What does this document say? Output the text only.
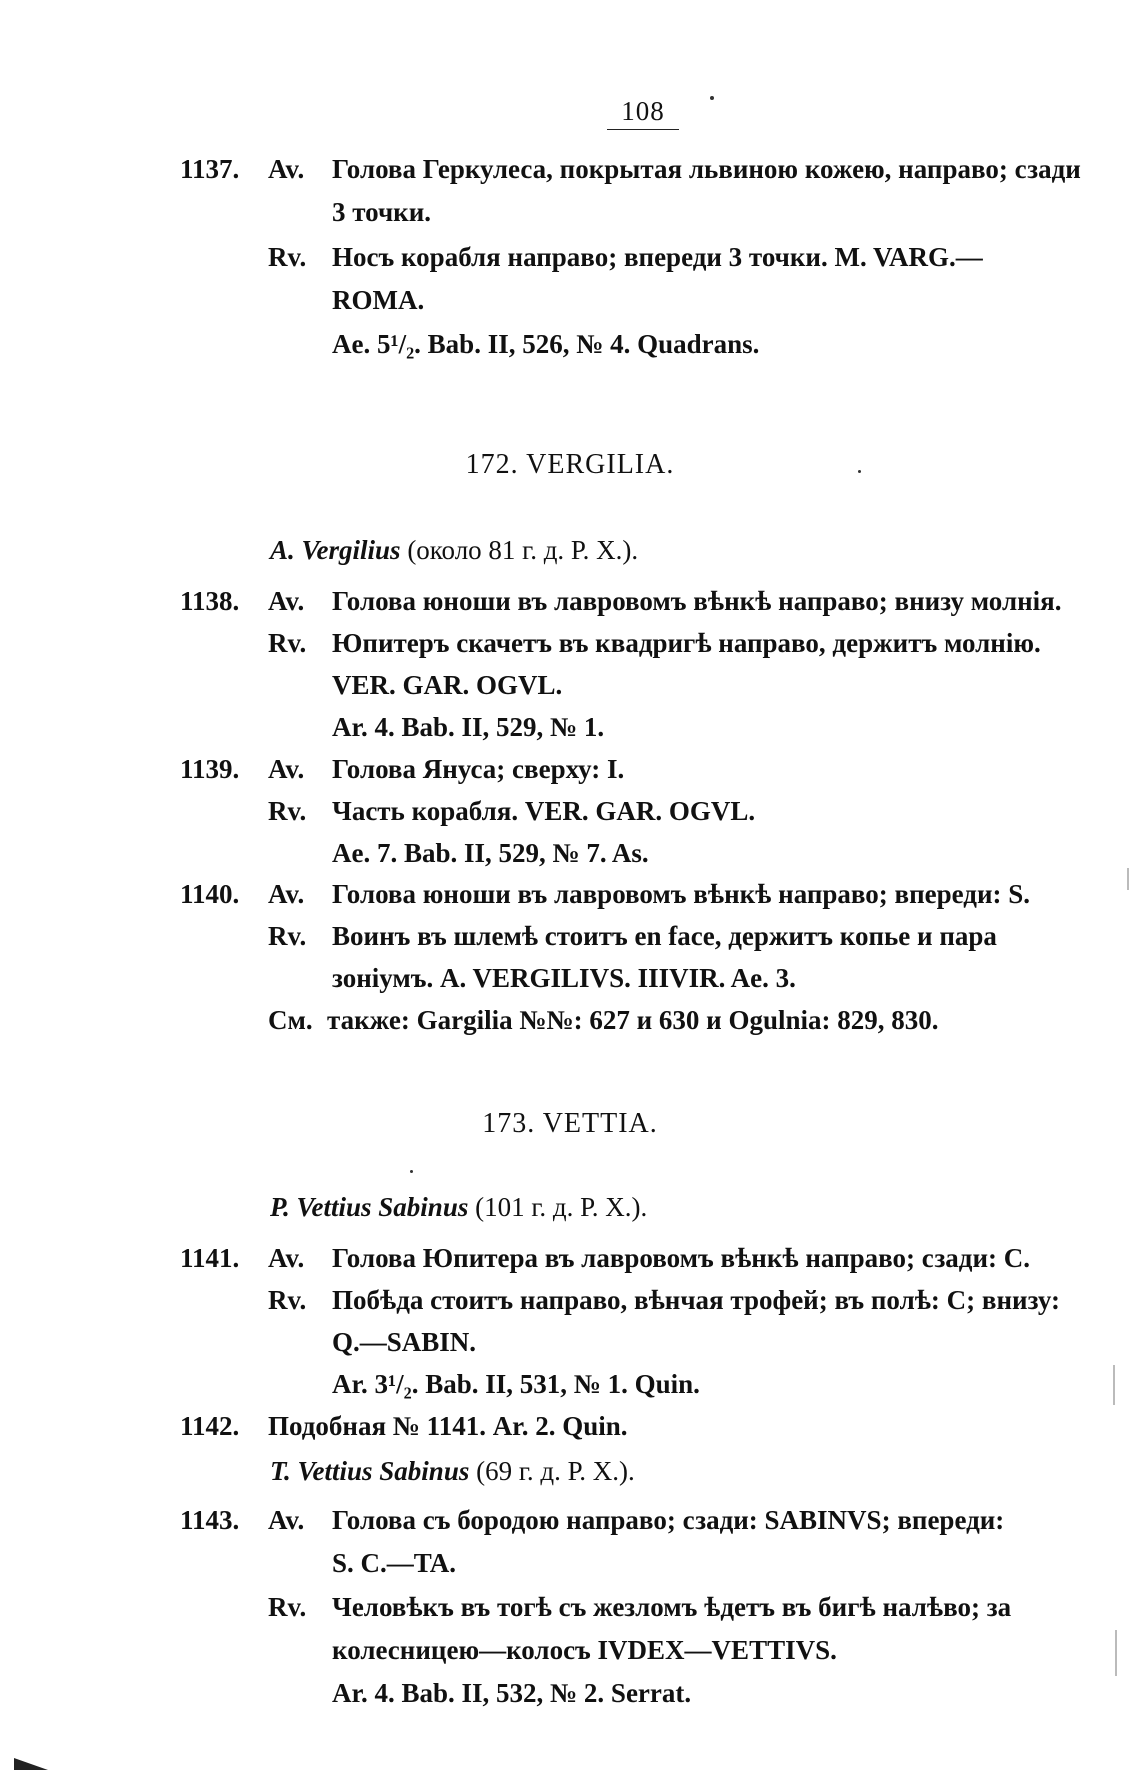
108
1137.	Av. Голова Геркулеса, покрытая львиною кожею, направо; сзади
3 точки.
Rv. Носъ корабля направо; впереди 3 точки. M. VARG.—
ROMA.
Ae. 5¹/₂. Bab. II, 526, № 4. Quadrans.
172. VERGILIA.
A. Vergilius (около 81 г. д. Р. Х.).
1138.	Av. Голова юноши въ лавровомъ вѣнкѣ направо; внизу молнія.
Rv. Юпитеръ скачетъ въ квадригѣ направо, держитъ молнію.
VER. GAR. OGVL.
Ar. 4. Bab. II, 529, № 1.
1139.	Av. Голова Януса; сверху: I.
Rv. Часть корабля. VER. GAR. OGVL.
Ae. 7. Bab. II, 529, № 7. As.
1140.	Av. Голова юноши въ лавровомъ вѣнкѣ направо; впереди: S.
Rv. Воинъ въ шлемѣ стоитъ en face, держитъ копье и пара
зоніумъ. A. VERGILIVS. IIIVIR. Ae. 3.
См. также: Gargilia №№: 627 и 630 и Ogulnia: 829, 830.
173. VETTIA.
P. Vettius Sabinus (101 г. д. Р. Х.).
1141.	Av. Голова Юпитера въ лавровомъ вѣнкѣ направо; сзади: C.
Rv. Побѣда стоитъ направо, вѣнчая трофей; въ полѣ: C; внизу:
Q.—SABIN.
Ar. 3¹/₂. Bab. II, 531, № 1. Quin.
1142.	Подобная № 1141. Ar. 2. Quin.
T. Vettius Sabinus (69 г. д. Р. Х.).
1143.	Av. Голова съ бородою направо; сзади: SABINVS; впереди:
S. C.—TA.
Rv. Человѣкъ въ тогѣ съ жезломъ ѣдетъ въ бигѣ налѣво; за
колесницею—колосъ IVDEX—VETTIVS.
Ar. 4. Bab. II, 532, № 2. Serrat.
